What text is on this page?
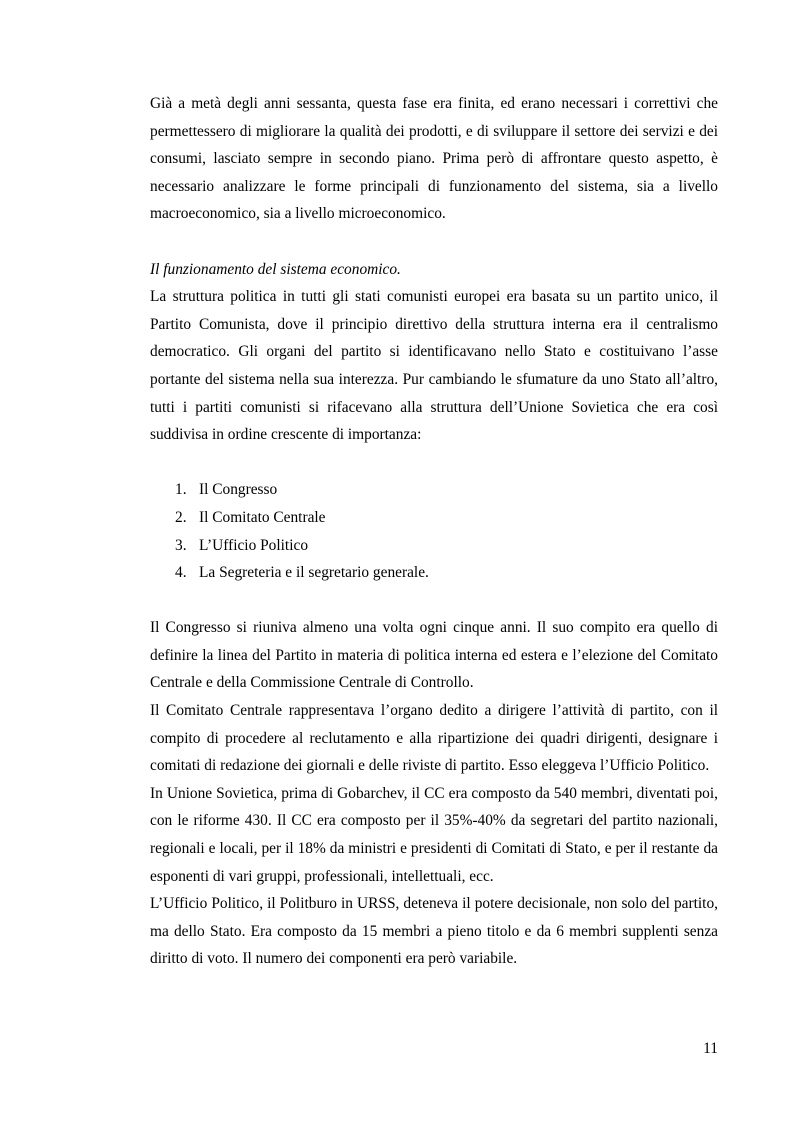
Già a metà degli anni sessanta, questa fase era finita, ed erano necessari i correttivi che permettessero di migliorare la qualità dei prodotti, e di sviluppare il settore dei servizi e dei consumi, lasciato sempre in secondo piano. Prima però di affrontare questo aspetto, è necessario analizzare le forme principali di funzionamento del sistema, sia a livello macroeconomico, sia a livello microeconomico.

Il funzionamento del sistema economico.

La struttura politica in tutti gli stati comunisti europei era basata su un partito unico, il Partito Comunista, dove il principio direttivo della struttura interna era il centralismo democratico. Gli organi del partito si identificavano nello Stato e costituivano l’asse portante del sistema nella sua interezza. Pur cambiando le sfumature da uno Stato all’altro, tutti i partiti comunisti si rifacevano alla struttura dell’Unione Sovietica che era così suddivisa in ordine crescente di importanza:

1. Il Congresso
2. Il Comitato Centrale
3. L’Ufficio Politico
4. La Segreteria e il segretario generale.

Il Congresso si riuniva almeno una volta ogni cinque anni. Il suo compito era quello di definire la linea del Partito in materia di politica interna ed estera e l’elezione del Comitato Centrale e della Commissione Centrale di Controllo.

Il Comitato Centrale rappresentava l’organo dedito a dirigere l’attività di partito, con il compito di procedere al reclutamento e alla ripartizione dei quadri dirigenti, designare i comitati di redazione dei giornali e delle riviste di partito. Esso eleggeva l’Ufficio Politico.

In Unione Sovietica, prima di Gobarchev, il CC era composto da 540 membri, diventati poi, con le riforme 430. Il CC era composto per il 35%-40% da segretari del partito nazionali, regionali e locali, per il 18% da ministri e presidenti di Comitati di Stato, e per il restante da esponenti di vari gruppi, professionali, intellettuali, ecc.

L’Ufficio Politico, il Politburo in URSS, deteneva il potere decisionale, non solo del partito, ma dello Stato. Era composto da 15 membri a pieno titolo e da 6 membri supplenti senza diritto di voto. Il numero dei componenti era però variabile.

11
